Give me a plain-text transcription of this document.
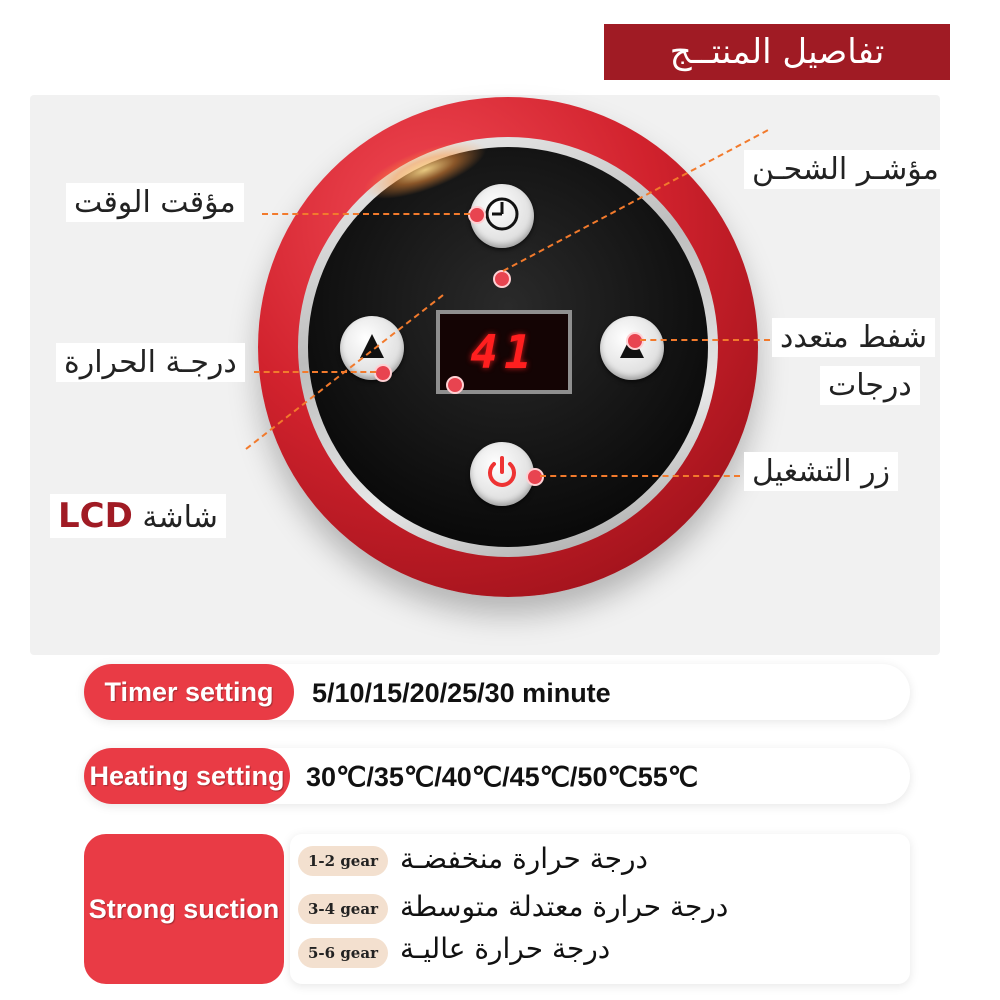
تفاصيل المنتــج
41
مؤقت الوقت
مؤشـر الشحـن
درجـة الحرارة
شفط متعدد
درجات
زر التشغيل
LCD شاشة
Timer setting	5/10/15/20/25/30 minute
Heating setting 30℃/35℃/40℃/45℃/50℃55℃
Strong suction
1-2 gear درجة حرارة منخفضـة
3-4 gear درجة حرارة معتدلة متوسطة
5-6 gear درجة حرارة عاليـة
